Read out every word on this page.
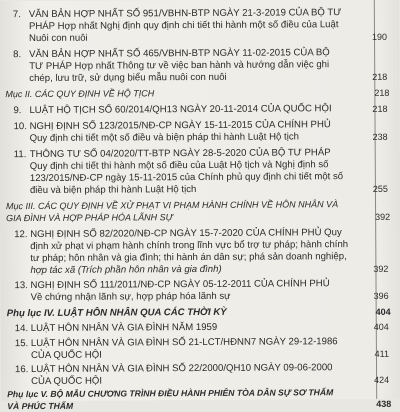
7. VĂN BẢN HỢP NHẤT SỐ 951/VBHN-BTP NGÀY 21-3-2019 CỦA BỘ TƯ
PHÁP Hợp nhất Nghị định quy định chi tiết thi hành một số điều của Luật
Nuôi con nuôi	190
8. VĂN BẢN HỢP NHẤT SỐ 465/VBHN-BTP NGÀY 11-02-2015 CỦA BỘ
TƯ PHÁP Hợp nhất Thông tư về việc ban hành và hướng dẫn việc ghi
chép, lưu trữ, sử dụng biểu mẫu nuôi con nuôi	218
Mục II. CÁC QUY ĐỊNH VỀ HỘ TỊCH	218
9. LUẬT HỘ TỊCH SỐ 60/2014/QH13 NGÀY 20-11-2014 CỦA QUỐC HỘI	218
10. NGHỊ ĐỊNH SỐ 123/2015/NĐ-CP NGÀY 15-11-2015 CỦA CHÍNH PHỦ
Quy định chi tiết một số điều và biện pháp thi hành Luật Hộ tịch	238
11. THÔNG TƯ SỐ 04/2020/TT-BTP NGÀY 28-5-2020 CỦA BỘ TƯ PHÁP
Quy định chi tiết thi hành một số điều của Luật Hộ tịch và Nghị định số
123/2015/NĐ-CP ngày 15-11-2015 của Chính phủ quy định chi tiết một số
điều và biện pháp thi hành Luật Hộ tịch	255
Mục III. CÁC QUY ĐỊNH VỀ XỬ PHẠT VI PHẠM HÀNH CHÍNH VỀ HÔN NHÂN VÀ
GIA ĐÌNH VÀ HỢP PHÁP HÓA LÃNH SỰ	392
12. NGHỊ ĐỊNH SỐ 82/2020/NĐ-CP NGÀY 15-7-2020 CỦA CHÍNH PHỦ Quy
định xử phạt vi phạm hành chính trong lĩnh vực bổ trợ tư pháp; hành chính
tư pháp; hôn nhân và gia đình; thi hành án dân sự; phá sản doanh nghiệp,
hợp tác xã (Trích phần hôn nhân và gia đình)	392
13. NGHỊ ĐỊNH SỐ 111/2011/NĐ-CP NGÀY 05-12-2011 CỦA CHÍNH PHỦ
Về chứng nhận lãnh sự, hợp pháp hóa lãnh sự	396
Phụ lục IV. LUẬT HÔN NHÂN QUA CÁC THỜI KỲ	404
14. LUẬT HÔN NHÂN VÀ GIA ĐÌNH NĂM 1959	404
15. LUẬT HÔN NHÂN VÀ GIA ĐÌNH SỐ 21-LCT/HĐNN7 NGÀY 29-12-1986
CỦA QUỐC HỘI	411
16. LUẬT HÔN NHÂN VÀ GIA ĐÌNH SỐ 22/2000/QH10 NGÀY 09-06-2000
CỦA QUỐC HỘI	424
Phụ lục V. BỘ MẪU CHƯƠNG TRÌNH ĐIỀU HÀNH PHIÊN TÒA DÂN SỰ SƠ THẨM
VÀ PHÚC THẨM	438
